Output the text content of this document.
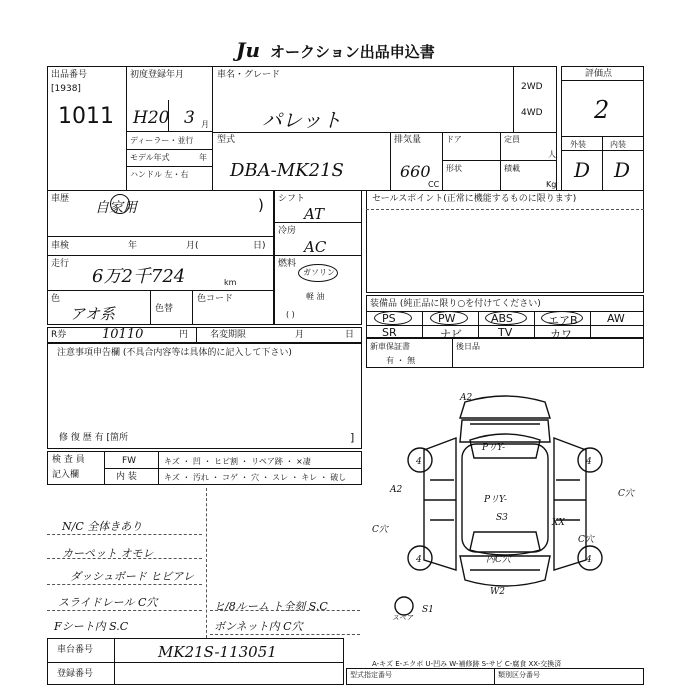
Ju オークション出品申込書
出品番号
[1938]
1011
初度登録年月
H20 3 月
車名・グレード
パレット
2WD
4WD
ディーラー・並行
モデル年式	年
ハンドル 左・右
型式
DBA-MK21S
排気量
660
CC
ドア
形状
定員
人
積載
Kg
評価点
2
外装	内装
D D
車歴
自家用	)
車検	年	月(	日)
走行
6万2千724	km
色
アオ系	色替
色コード
シフト
AT
冷房
AC
燃料
ガソリン
軽 油
( )
セールスポイント(正常に機能するものに限ります)
装備品 (純正品に限り○を付けてください)
PS	PW	ABS	エアB	AW
SR	ナビ	TV	カワ
新車保証書
有 ・ 無
後日品
R券	10110	円 名変期限	月	日
注意事項申告欄 (不具合内容等は具体的に記入して下さい)
修 復 歴 有 [箇所	]
検 査 員
記入欄
FW	キズ ・ 凹 ・ ヒビ割 ・ リペア跡 ・ ×凄
内 装	キズ ・ 汚れ ・ コゲ ・ 穴 ・ スレ ・ キレ ・ 破し
N/C 全体きあり
カーペット オモレ
ダッシュボード ヒビアレ
スライドレール C穴
Fシート内 S.C
ヒ/8ルーム ト全刻 S.C
ボンネット内 C穴
A2
A2
PリY-
PリY-
S3
C穴
C穴
C穴
XX
内C穴
W2
S1
4	4
4	4
スペア
車台番号	MK21S-113051
登録番号
A-キズ E-エクボ U-凹み W-補修跡 S-サビ C-腐食 XX-交換済
型式指定番号	類別区分番号
